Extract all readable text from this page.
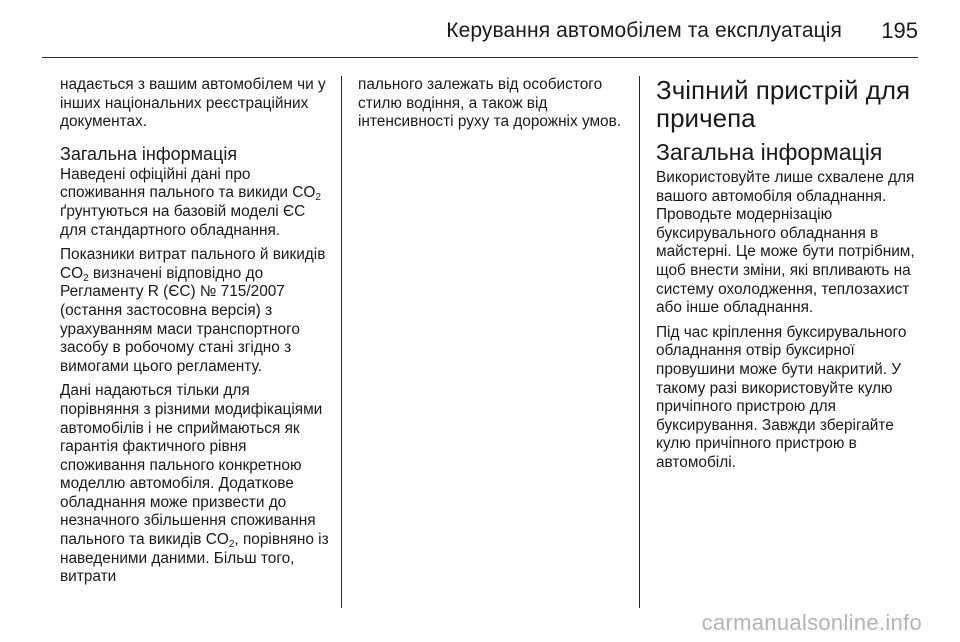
Керування автомобілем та експлуатація 195

надається з вашим автомобілем чи у інших національних реєстраційних документах.

Загальна інформація

Наведені офіційні дані про споживання пального та викиди $CO_2$ ґрунтуються на базовій моделі ЄС для стандартного обладнання.

Показники витрат пального й викидів $CO_2$ визначені відповідно до Регламенту R (ЄС) № 715/2007 (остання застосовна версія) з урахуванням маси транспортного засобу в робочому стані згідно з вимогами цього регламенту.

Дані надаються тільки для порівняння з різними модифікаціями автомобілів і не сприймаються як гарантія фактичного рівня споживання пального конкретною моделлю автомобіля. Додаткове обладнання може призвести до незначного збільшення споживання пального та викидів $CO_2$, порівняно із наведеними даними. Більш того, витрати

пального залежать від особистого стилю водіння, а також від інтенсивності руху та дорожніх умов.

Зчіпний пристрій для причепа
Загальна інформація

Використовуйте лише схвалене для вашого автомобіля обладнання. Проводьте модернізацію буксирувального обладнання в майстерні. Це може бути потрібним, щоб внести зміни, які впливають на систему охолодження, теплозахист або інше обладнання.

Під час кріплення буксирувального обладнання отвір буксирної провушини може бути накритий. У такому разі використовуйте кулю причіпного пристрою для буксирування. Завжди зберігайте кулю причіпного пристрою в автомобілі.

carmanualsonline.info
